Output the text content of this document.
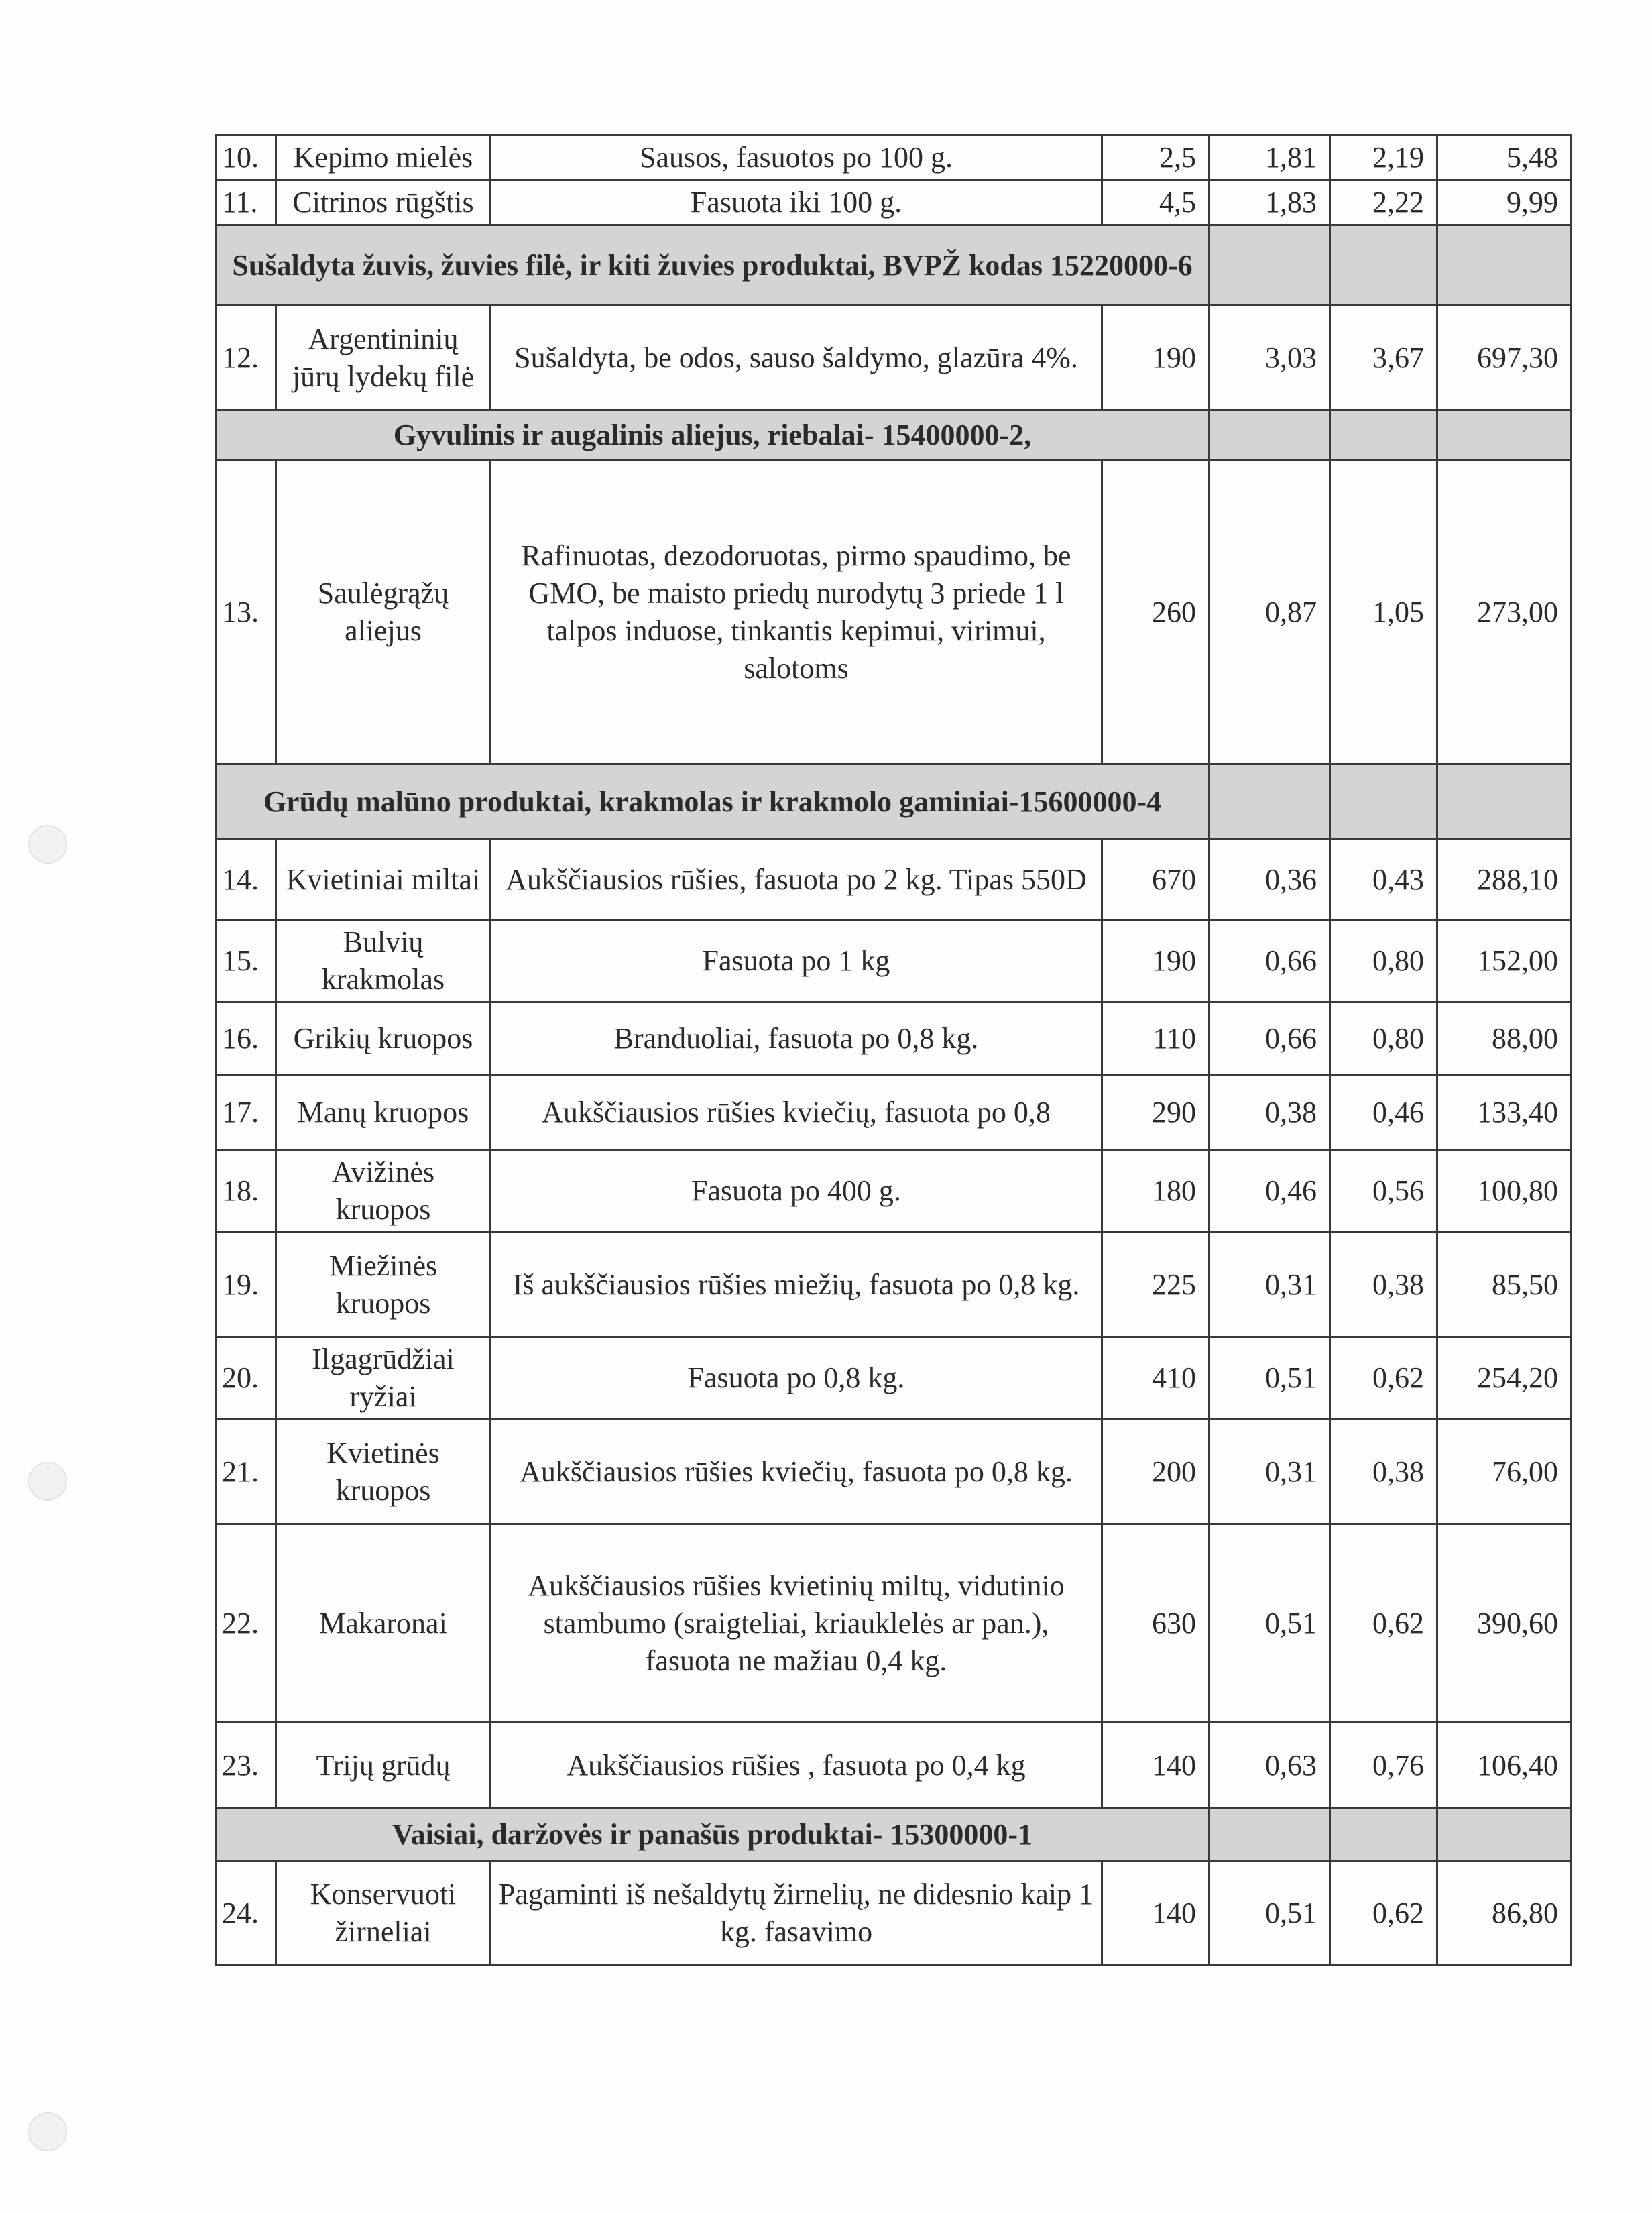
10.	Kepimo mielės	Sausos, fasuotos po 100 g.	2,5	1,81	2,19	5,48
11.	Citrinos rūgštis	Fasuota iki 100 g.	4,5	1,83	2,22	9,99
Sušaldyta žuvis, žuvies filė, ir kiti žuvies produktai, BVPŽ kodas 15220000-6						
12.	Argentininių jūrų lydekų filė	Sušaldyta, be odos, sauso šaldymo, glazūra 4%.	190	3,03	3,67	697,30
Gyvulinis ir augalinis aliejus, riebalai- 15400000-2,						
13.	Saulėgrąžų aliejus	Rafinuotas, dezodoruotas, pirmo spaudimo, be GMO, be maisto priedų nurodytų 3 priede 1 l talpos induose, tinkantis kepimui, virimui, salotoms	260	0,87	1,05	273,00
Grūdų malūno produktai, krakmolas ir krakmolo gaminiai-15600000-4						
14.	Kvietiniai miltai	Aukščiausios rūšies, fasuota po 2 kg. Tipas 550D	670	0,36	0,43	288,10
15.	Bulvių krakmolas	Fasuota po 1 kg	190	0,66	0,80	152,00
16.	Grikių kruopos	Branduoliai, fasuota po 0,8 kg.	110	0,66	0,80	88,00
17.	Manų kruopos	Aukščiausios rūšies kviečių, fasuota po 0,8	290	0,38	0,46	133,40
18.	Avižinės kruopos	Fasuota po 400 g.	180	0,46	0,56	100,80
19.	Miežinės kruopos	Iš aukščiausios rūšies miežių, fasuota po 0,8 kg.	225	0,31	0,38	85,50
20.	Ilgagrūdžiai ryžiai	Fasuota po 0,8 kg.	410	0,51	0,62	254,20
21.	Kvietinės kruopos	Aukščiausios rūšies kviečių, fasuota po 0,8 kg.	200	0,31	0,38	76,00
22.	Makaronai	Aukščiausios rūšies kvietinių miltų, vidutinio stambumo (sraigteliai, kriauklelės ar pan.), fasuota ne mažiau 0,4 kg.	630	0,51	0,62	390,60
23.	Trijų grūdų	Aukščiausios rūšies , fasuota po 0,4 kg	140	0,63	0,76	106,40
Vaisiai, daržovės ir panašūs produktai- 15300000-1						
24.	Konservuoti žirneliai	Pagaminti iš nešaldytų žirnelių, ne didesnio kaip 1 kg. fasavimo	140	0,51	0,62	86,80
